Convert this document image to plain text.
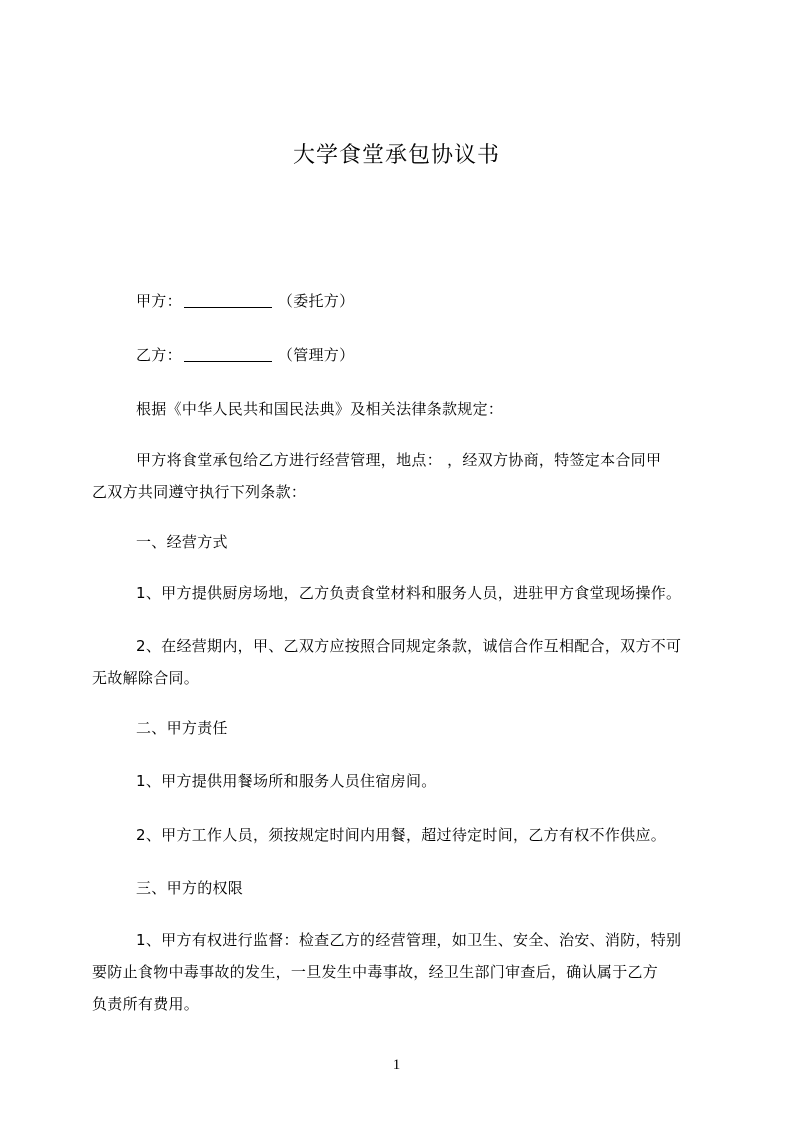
大学食堂承包协议书
甲方：	（委托方）
乙方：	（管理方）
根据《中华人民共和国民法典》及相关法律条款规定：
甲方将食堂承包给乙方进行经营管理，地点： ，经双方协商，特签定本合同甲
乙双方共同遵守执行下列条款：
一、经营方式
1、甲方提供厨房场地，乙方负责食堂材料和服务人员，进驻甲方食堂现场操作。
2、在经营期内，甲、乙双方应按照合同规定条款，诚信合作互相配合，双方不可
无故解除合同。
二、甲方责任
1、甲方提供用餐场所和服务人员住宿房间。
2、甲方工作人员，须按规定时间内用餐，超过待定时间，乙方有权不作供应。
三、甲方的权限
1、甲方有权进行监督：检查乙方的经营管理，如卫生、安全、治安、消防，特别
要防止食物中毒事故的发生，一旦发生中毒事故，经卫生部门审查后，确认属于乙方
负责所有费用。
1
